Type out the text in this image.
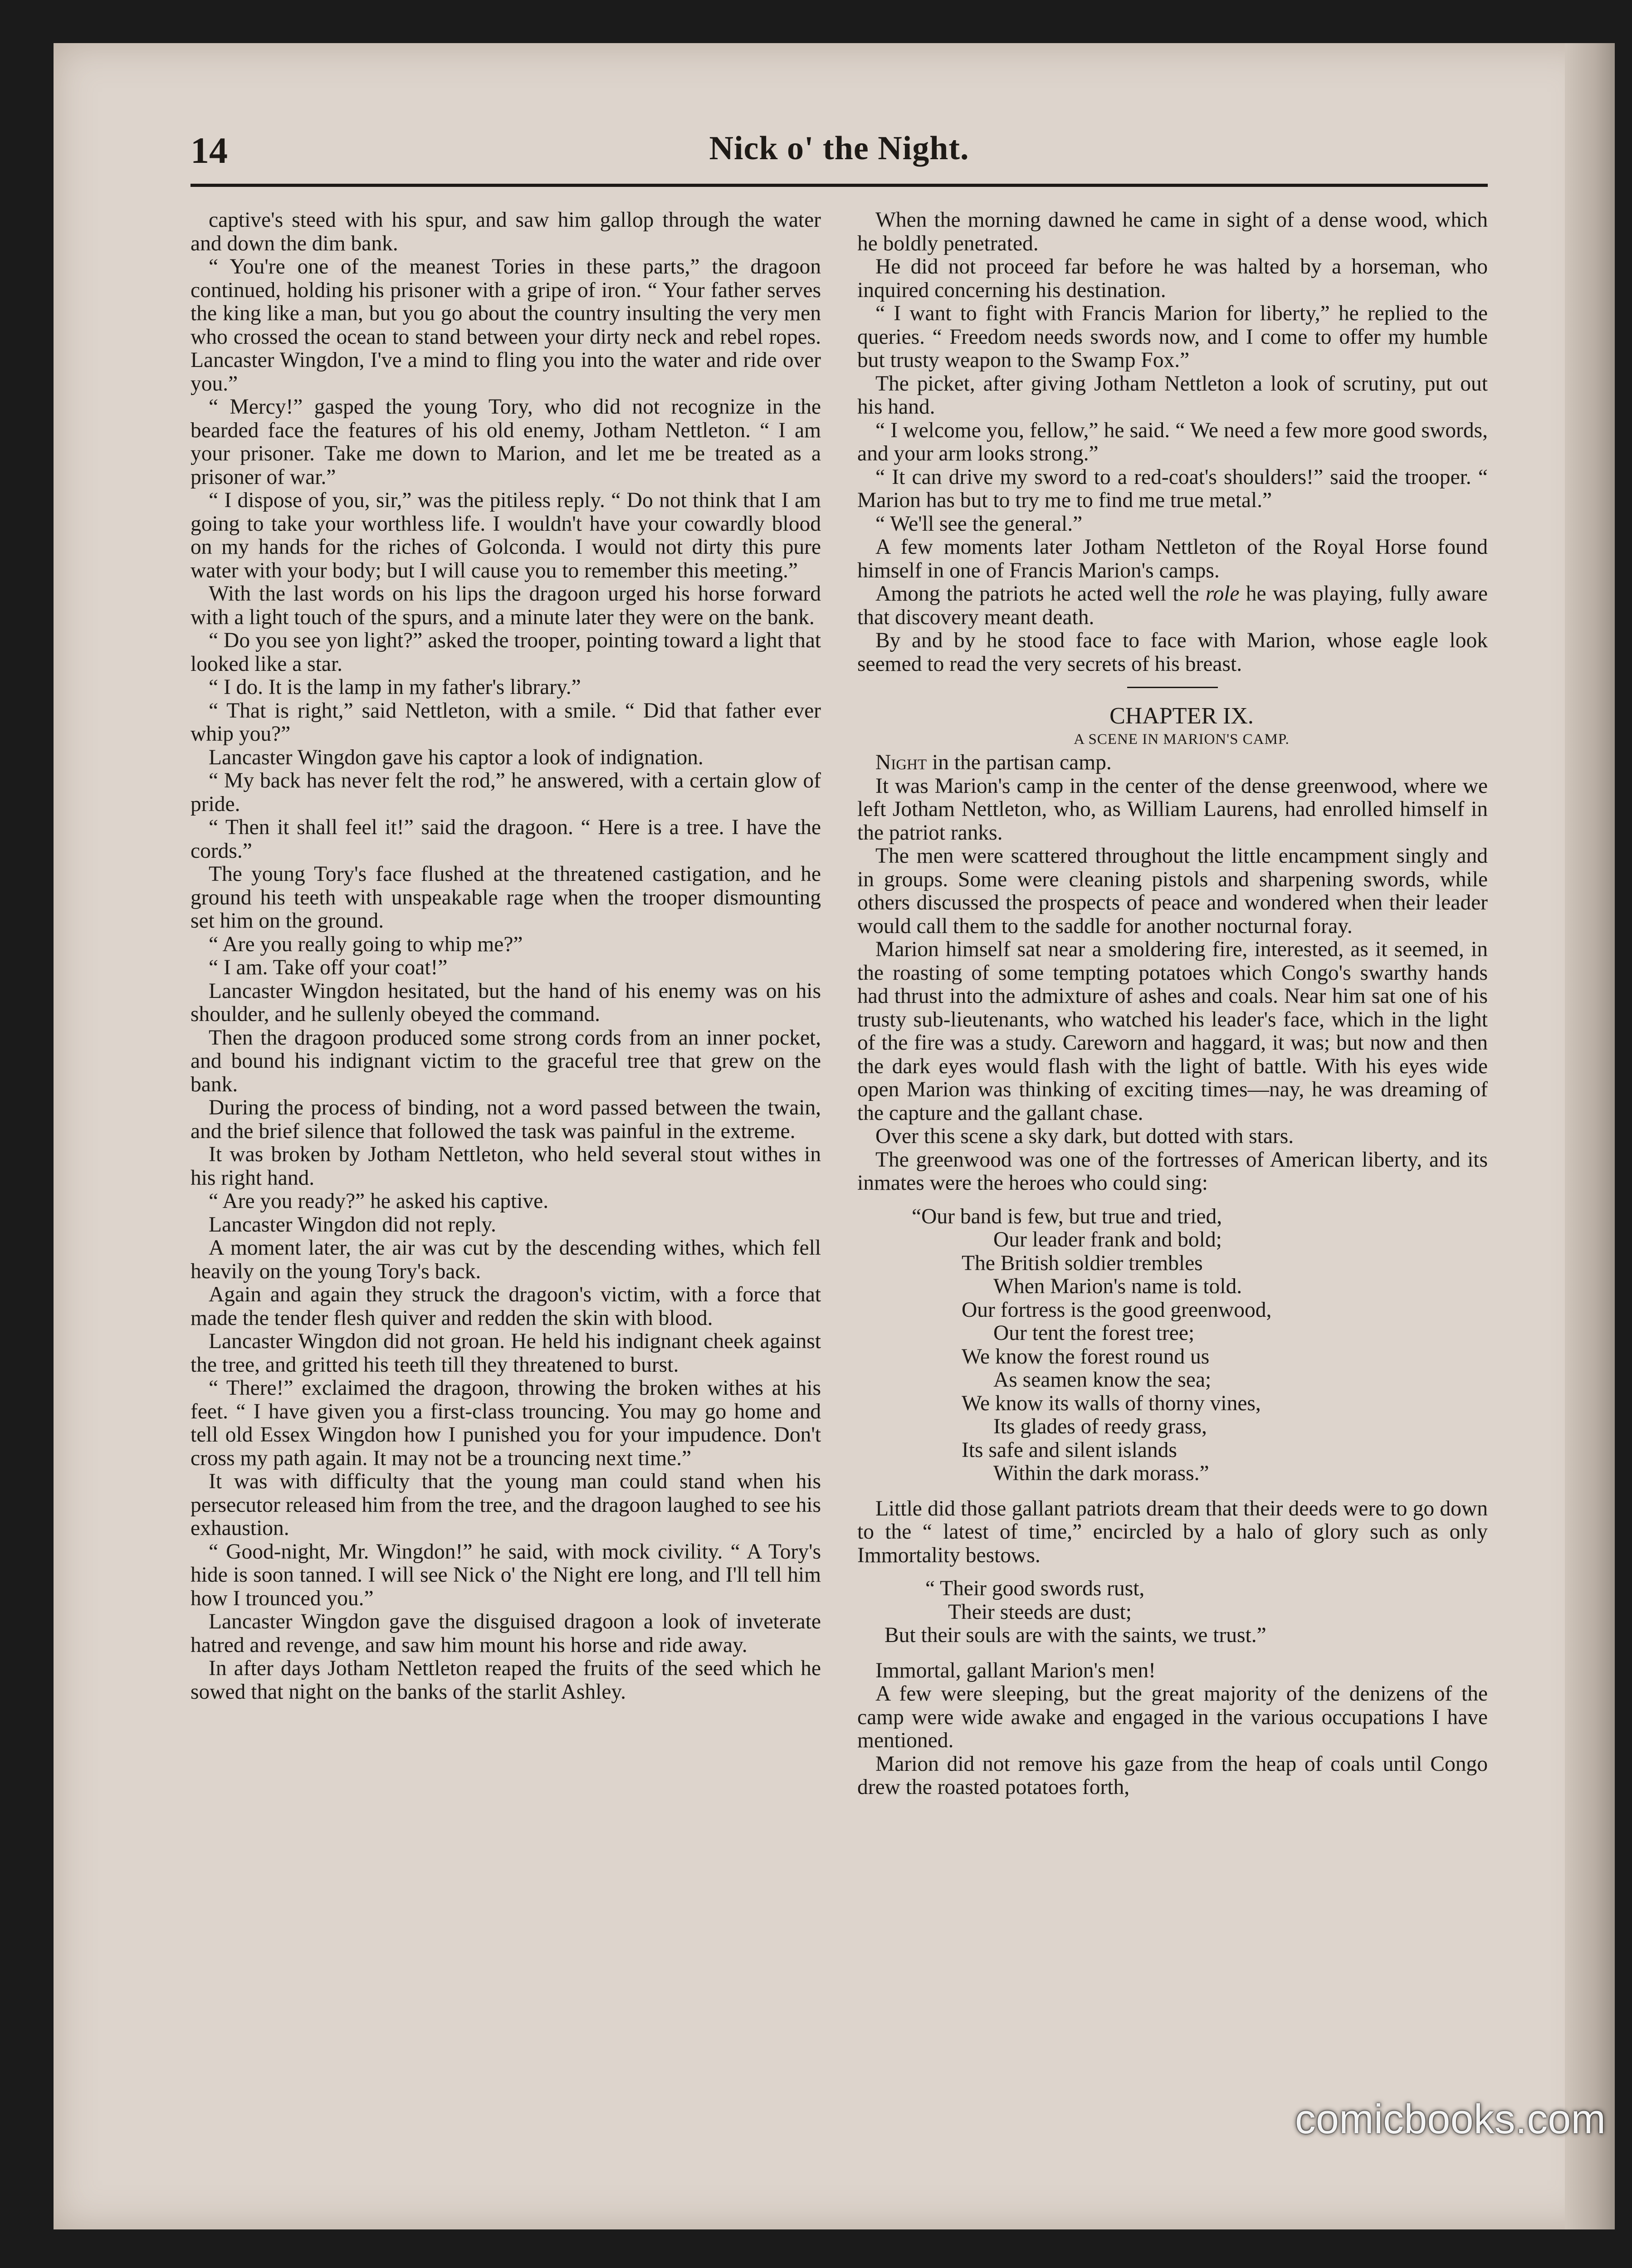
14	Nick o' the Night.

captive's steed with his spur, and saw him gallop through the water and down the dim bank.

“ You're one of the meanest Tories in these parts,” the dragoon continued, holding his prisoner with a gripe of iron. “ Your father serves the king like a man, but you go about the country insulting the very men who crossed the ocean to stand between your dirty neck and rebel ropes. Lancaster Wingdon, I've a mind to fling you into the water and ride over you.”

“ Mercy!” gasped the young Tory, who did not recognize in the bearded face the features of his old enemy, Jotham Nettleton. “ I am your prisoner. Take me down to Marion, and let me be treated as a prisoner of war.”

“ I dispose of you, sir,” was the pitiless reply. “ Do not think that I am going to take your worthless life. I wouldn't have your cowardly blood on my hands for the riches of Golconda. I would not dirty this pure water with your body; but I will cause you to remember this meeting.”

With the last words on his lips the dragoon urged his horse forward with a light touch of the spurs, and a minute later they were on the bank.

“ Do you see yon light?” asked the trooper, pointing toward a light that looked like a star.

“ I do. It is the lamp in my father's library.”

“ That is right,” said Nettleton, with a smile. “ Did that father ever whip you?”

Lancaster Wingdon gave his captor a look of indignation.

“ My back has never felt the rod,” he answered, with a certain glow of pride.

“ Then it shall feel it!” said the dragoon. “ Here is a tree. I have the cords.”

The young Tory's face flushed at the threatened castigation, and he ground his teeth with unspeakable rage when the trooper dismounting set him on the ground.

“ Are you really going to whip me?”

“ I am. Take off your coat!”

Lancaster Wingdon hesitated, but the hand of his enemy was on his shoulder, and he sullenly obeyed the command.

Then the dragoon produced some strong cords from an inner pocket, and bound his indignant victim to the graceful tree that grew on the bank.

During the process of binding, not a word passed between the twain, and the brief silence that followed the task was painful in the extreme.

It was broken by Jotham Nettleton, who held several stout withes in his right hand.

“ Are you ready?” he asked his captive.

Lancaster Wingdon did not reply.

A moment later, the air was cut by the descending withes, which fell heavily on the young Tory's back.

Again and again they struck the dragoon's victim, with a force that made the tender flesh quiver and redden the skin with blood.

Lancaster Wingdon did not groan. He held his indignant cheek against the tree, and gritted his teeth till they threatened to burst.

“ There!” exclaimed the dragoon, throwing the broken withes at his feet. “ I have given you a first-class trouncing. You may go home and tell old Essex Wingdon how I punished you for your impudence. Don't cross my path again. It may not be a trouncing next time.”

It was with difficulty that the young man could stand when his persecutor released him from the tree, and the dragoon laughed to see his exhaustion.

“ Good-night, Mr. Wingdon!” he said, with mock civility. “ A Tory's hide is soon tanned. I will see Nick o' the Night ere long, and I'll tell him how I trounced you.”

Lancaster Wingdon gave the disguised dragoon a look of inveterate hatred and revenge, and saw him mount his horse and ride away.

In after days Jotham Nettleton reaped the fruits of the seed which he sowed that night on the banks of the starlit Ashley.

When the morning dawned he came in sight of a dense wood, which he boldly penetrated.

He did not proceed far before he was halted by a horseman, who inquired concerning his destination.

“ I want to fight with Francis Marion for liberty,” he replied to the queries. “ Freedom needs swords now, and I come to offer my humble but trusty weapon to the Swamp Fox.”

The picket, after giving Jotham Nettleton a look of scrutiny, put out his hand.

“ I welcome you, fellow,” he said. “ We need a few more good swords, and your arm looks strong.”

“ It can drive my sword to a red-coat's shoulders!” said the trooper. “ Marion has but to try me to find me true metal.”

“ We'll see the general.”

A few moments later Jotham Nettleton of the Royal Horse found himself in one of Francis Marion's camps.

Among the patriots he acted well the role he was playing, fully aware that discovery meant death.

By and by he stood face to face with Marion, whose eagle look seemed to read the very secrets of his breast.

CHAPTER IX.

A SCENE IN MARION'S CAMP.

Night in the partisan camp.

It was Marion's camp in the center of the dense greenwood, where we left Jotham Nettleton, who, as William Laurens, had enrolled himself in the patriot ranks.

The men were scattered throughout the little encampment singly and in groups. Some were cleaning pistols and sharpening swords, while others discussed the prospects of peace and wondered when their leader would call them to the saddle for another nocturnal foray.

Marion himself sat near a smoldering fire, interested, as it seemed, in the roasting of some tempting potatoes which Congo's swarthy hands had thrust into the admixture of ashes and coals. Near him sat one of his trusty sub-lieutenants, who watched his leader's face, which in the light of the fire was a study. Careworn and haggard, it was; but now and then the dark eyes would flash with the light of battle. With his eyes wide open Marion was thinking of exciting times—nay, he was dreaming of the capture and the gallant chase.

Over this scene a sky dark, but dotted with stars.

The greenwood was one of the fortresses of American liberty, and its inmates were the heroes who could sing:

“Our band is few, but true and tried,
Our leader frank and bold;
The British soldier trembles
When Marion's name is told.
Our fortress is the good greenwood,
Our tent the forest tree;
We know the forest round us
As seamen know the sea;
We know its walls of thorny vines,
Its glades of reedy grass,
Its safe and silent islands
Within the dark morass.”

Little did those gallant patriots dream that their deeds were to go down to the “ latest of time,” encircled by a halo of glory such as only Immortality bestows.

“ Their good swords rust,
Their steeds are dust;
But their souls are with the saints, we trust.”

Immortal, gallant Marion's men!

A few were sleeping, but the great majority of the denizens of the camp were wide awake and engaged in the various occupations I have mentioned.

Marion did not remove his gaze from the heap of coals until Congo drew the roasted potatoes forth,

comicbooks.com
